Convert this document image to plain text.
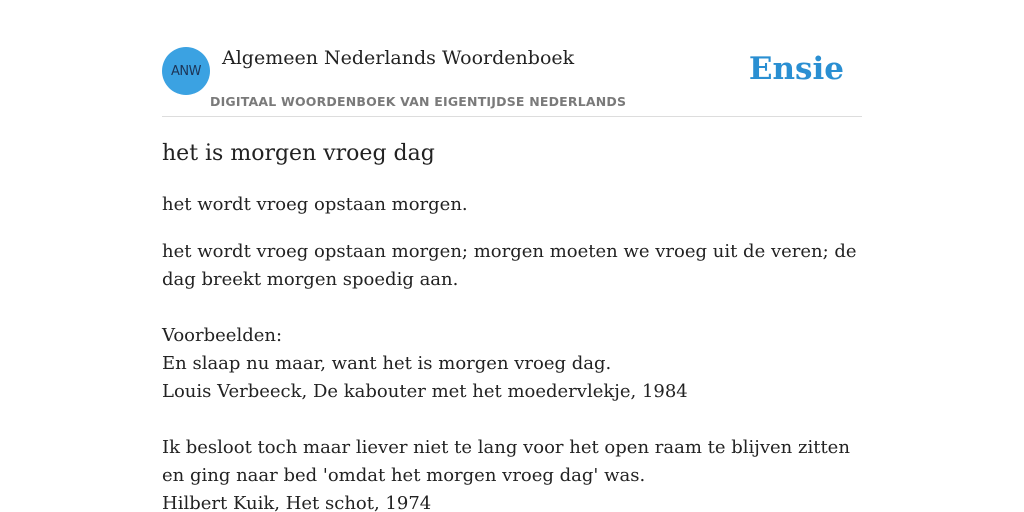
ANW
Algemeen Nederlands Woordenboek
DIGITAAL WOORDENBOEK VAN EIGENTIJDSE NEDERLANDS
Ensie
het is morgen vroeg dag

het wordt vroeg opstaan morgen.

het wordt vroeg opstaan morgen; morgen moeten we vroeg uit de veren; de dag breekt morgen spoedig aan.

Voorbeelden:

En slaap nu maar, want het is morgen vroeg dag.

Louis Verbeeck, De kabouter met het moedervlekje, 1984

Ik besloot toch maar liever niet te lang voor het open raam te blijven zitten en ging naar bed 'omdat het morgen vroeg dag' was.

Hilbert Kuik, Het schot, 1974
